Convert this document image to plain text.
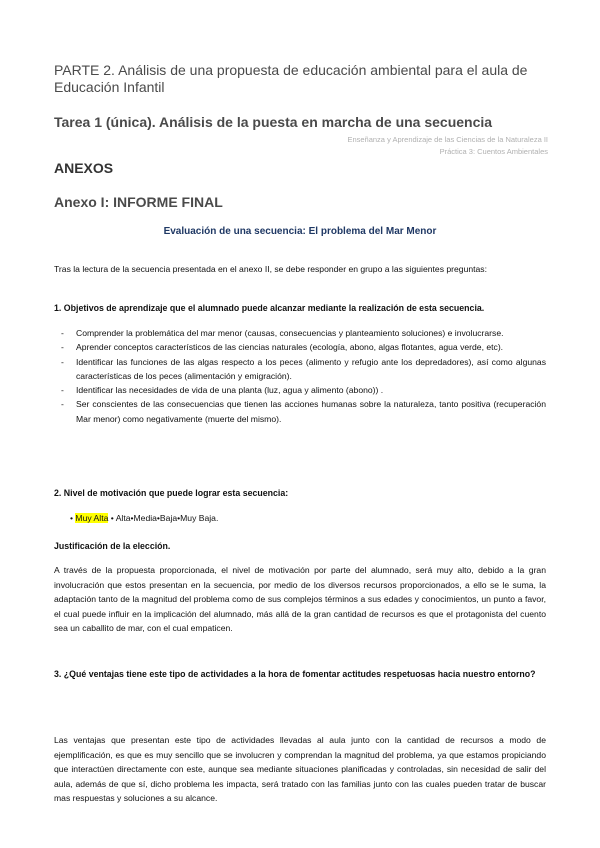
PARTE 2. Análisis de una propuesta de educación ambiental para el aula de Educación Infantil
Tarea 1 (única). Análisis de la puesta en marcha de una secuencia
Enseñanza y Aprendizaje de las Ciencias de la Naturaleza II
Práctica 3: Cuentos Ambientales
ANEXOS
Anexo I: INFORME FINAL
Evaluación de una secuencia: El problema del Mar Menor

Tras la lectura de la secuencia presentada en el anexo II, se debe responder en grupo a las siguientes preguntas:

1. Objetivos de aprendizaje que el alumnado puede alcanzar mediante la realización de esta secuencia.

- Comprender la problemática del mar menor (causas, consecuencias y planteamiento soluciones) e involucrarse.
- Aprender conceptos característicos de las ciencias naturales (ecología, abono, algas flotantes, agua verde, etc).
- Identificar las funciones de las algas respecto a los peces (alimento y refugio ante los depredadores), así como algunas características de los peces (alimentación y emigración).
- Identificar las necesidades de vida de una planta (luz, agua y alimento (abono)) .
- Ser conscientes de las consecuencias que tienen las acciones humanas sobre la naturaleza, tanto positiva (recuperación Mar menor) como negativamente (muerte del mismo).

2. Nivel de motivación que puede lograr esta secuencia:

• Muy Alta • Alta•Media•Baja•Muy Baja.

Justificación de la elección.

A través de la propuesta proporcionada, el nivel de motivación por parte del alumnado, será muy alto, debido a la gran involucración que estos presentan en la secuencia, por medio de los diversos recursos proporcionados, a ello se le suma, la adaptación tanto de la magnitud del problema como de sus complejos términos a sus edades y conocimientos, un punto a favor, el cual puede influir en la implicación del alumnado, más allá de la gran cantidad de recursos es que el protagonista del cuento sea un caballito de mar, con el cual empaticen.

3. ¿Qué ventajas tiene este tipo de actividades a la hora de fomentar actitudes respetuosas hacia nuestro entorno?

Las ventajas que presentan este tipo de actividades llevadas al aula junto con la cantidad de recursos a modo de ejemplificación, es que es muy sencillo que se involucren y comprendan la magnitud del problema, ya que estamos propiciando que interactúen directamente con este, aunque sea mediante situaciones planificadas y controladas, sin necesidad de salir del aula, además de que sí, dicho problema les impacta, será tratado con las familias junto con las cuales pueden tratar de buscar mas respuestas y soluciones a su alcance.
